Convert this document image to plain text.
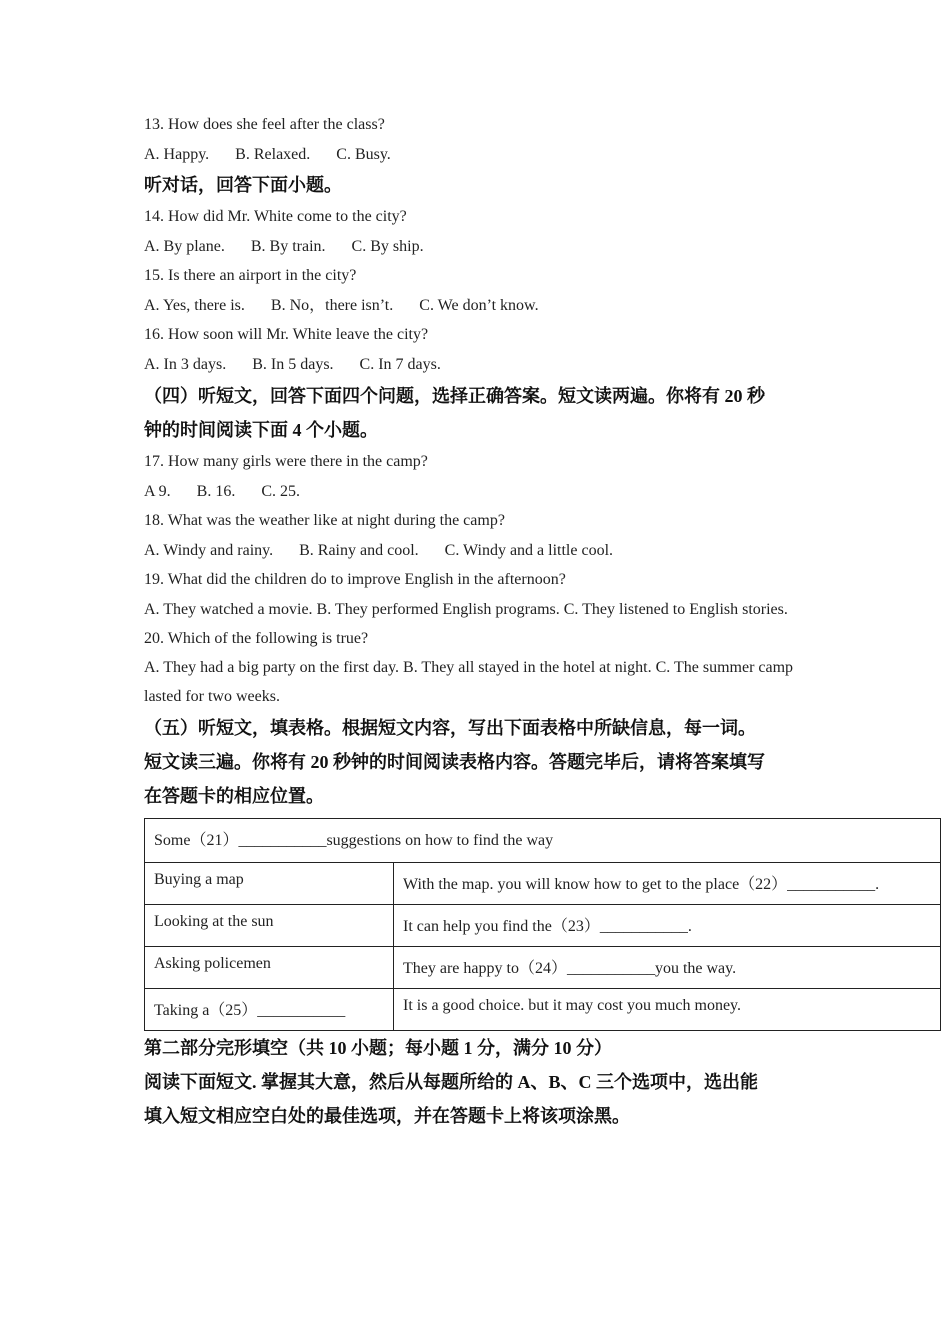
13. How does she feel after the class?
A. Happy. B. Relaxed. C. Busy.
听对话，回答下面小题。
14. How did Mr. White come to the city?
A. By plane. B. By train. C. By ship.
15. Is there an airport in the city?
A. Yes, there is. B. No，there isn’t. C. We don’t know.
16. How soon will Mr. White leave the city?
A. In 3 days. B. In 5 days. C. In 7 days.
（四）听短文，回答下面四个问题，选择正确答案。短文读两遍。你将有 20 秒
钟的时间阅读下面 4 个小题。
17. How many girls were there in the camp?
A 9. B. 16. C. 25.
18. What was the weather like at night during the camp?
A. Windy and rainy. B. Rainy and cool. C. Windy and a little cool.
19. What did the children do to improve English in the afternoon?
A. They watched a movie. B. They performed English programs. C. They listened to English stories.
20. Which of the following is true?
A. They had a big party on the first day. B. They all stayed in the hotel at night. C. The summer camp lasted for two weeks.
（五）听短文，填表格。根据短文内容，写出下面表格中所缺信息，每一词。
短文读三遍。你将有 20 秒钟的时间阅读表格内容。答题完毕后，请将答案填写
在答题卡的相应位置。
Some（21）___________suggestions on how to find the way	
Buying a map	With the map. you will know how to get to the place（22）___________.
Looking at the sun	It can help you find the（23）___________.
Asking policemen	They are happy to（24）___________you the way.
Taking a（25）___________	It is a good choice. but it may cost you much money.
第二部分完形填空（共 10 小题；每小题 1 分，满分 10 分）
阅读下面短文. 掌握其大意，然后从每题所给的 A、B、C 三个选项中，选出能
填入短文相应空白处的最佳选项，并在答题卡上将该项涂黑。
